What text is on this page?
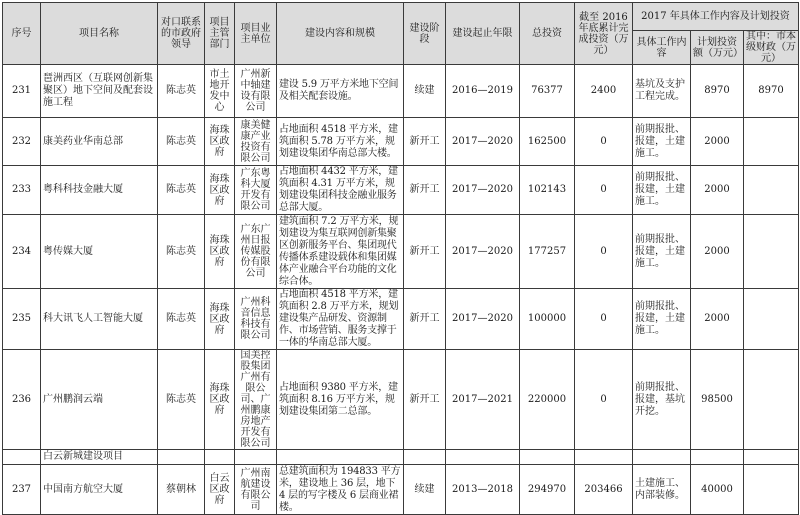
序号	项目名称	对口联系的市政府领导	项目主管部门	项目业主单位	建设内容和规模	建设阶段	建设起止年限	总投资	截至 2016 年底累计完成投资（万元）	2017 年具体工作内容及计划投资		
										具体工作内容	计划投资额（万元）	其中：市本级财政（万元）
231	琶洲西区（互联网创新集聚区）地下空间及配套设施工程	陈志英	市土地开发中心	广州新中轴建设有限公司	建设 5.9 万平方米地下空间及相关配套设施。	续建	2016—2019	76377	2400	基坑及支护工程完成。	8970	8970
232	康美药业华南总部	陈志英	海珠区政府	康美健康产业投资有限公司	占地面积 4518 平方米，建筑面积 5.78 万平方米，规划建设集团华南总部大楼。	新开工	2017—2020	162500	0	前期报批、报建，土建施工。	2000	
233	粤科科技金融大厦	陈志英	海珠区政府	广东粤科大厦开发有限公司	占地面积 4432 平方米，建筑面积 4.31 万平方米，规划建设集团科技金融业服务总部大厦。	新开工	2017—2020	102143	0	前期报批、报建，土建施工。	2000	
234	粤传媒大厦	陈志英	海珠区政府	广东广州日报传媒股份有限公司	建筑面积 7.2 万平方米，规划建设为集互联网创新集聚区创新服务平台、集团现代传播体系建设载体和集团媒体产业融合平台功能的文化综合体。	新开工	2017—2020	177257	0	前期报批、报建，土建施工。	2000	
235	科大讯飞人工智能大厦	陈志英	海珠区政府	广州科音信息科技有限公司	占地面积 4518 平方米，建筑面积 2.8 万平方米，规划建设集产品研发、资源制作、市场营销、服务支撑于一体的华南总部大厦。	新开工	2017—2020	100000	0	前期报批、报建，土建施工。	2000	
236	广州鹏润云端	陈志英	海珠区政府	国美控股集团广州有限公司、广州鹏康房地产开发有限公司	占地面积 9380 平方米，建筑面积 8.16 万平方米，规划建设集团第二总部。	新开工	2017—2021	220000	0	前期报批、报建，基坑开挖。	98500	
	白云新城建设项目											
237	中国南方航空大厦	蔡朝林	白云区政府	广州南航建设有限公司	总建筑面积为 194833 平方米，建设地上 36 层，地下 4 层的写字楼及 6 层商业裙楼。	续建	2013—2018	294970	203466	土建施工、内部装修。	40000	
